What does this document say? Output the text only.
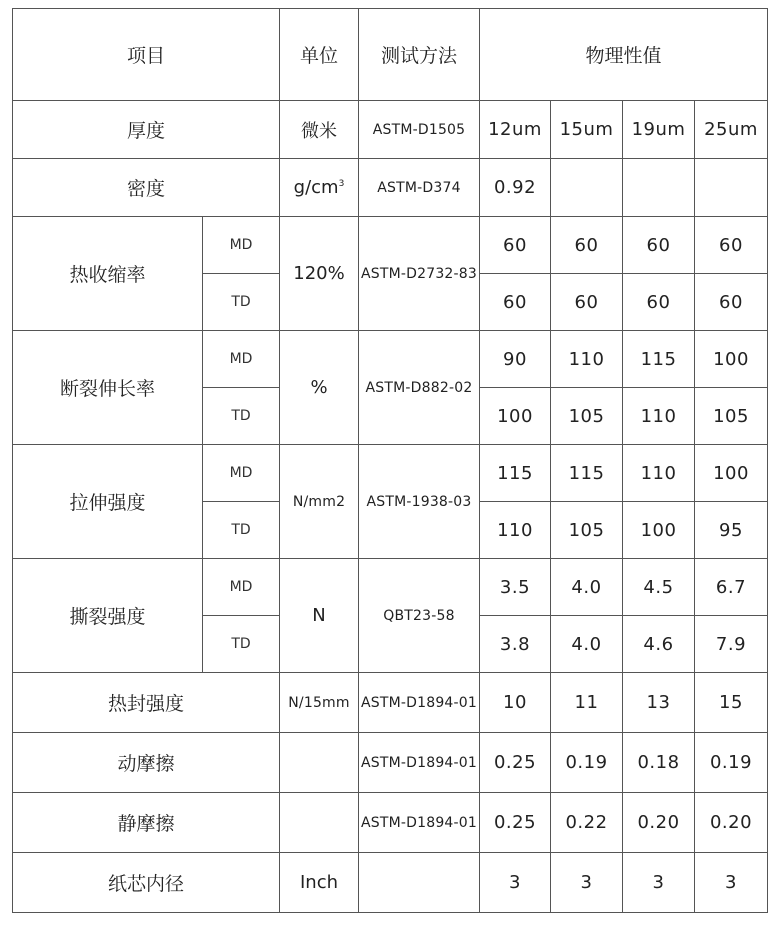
项目		单位	测试方法	物理性值			
厚度		微米	ASTM-D1505	12um	15um	19um	25um
密度		$g/cm^3$	ASTM-D374	0.92			
热收缩率	MD	120%	ASTM-D2732-83	60	60	60	60
	TD			60	60	60	60
断裂伸长率	MD	%	ASTM-D882-02	90	110	115	100
	TD			100	105	110	105
拉伸强度	MD	N/mm2	ASTM-1938-03	115	115	110	100
	TD			110	105	100	95
撕裂强度	MD	N	QBT23-58	3.5	4.0	4.5	6.7
	TD			3.8	4.0	4.6	7.9
热封强度		N/15mm	ASTM-D1894-01	10	11	13	15
动摩擦			ASTM-D1894-01	0.25	0.19	0.18	0.19
静摩擦			ASTM-D1894-01	0.25	0.22	0.20	0.20
纸芯内径		Inch		3	3	3	3
